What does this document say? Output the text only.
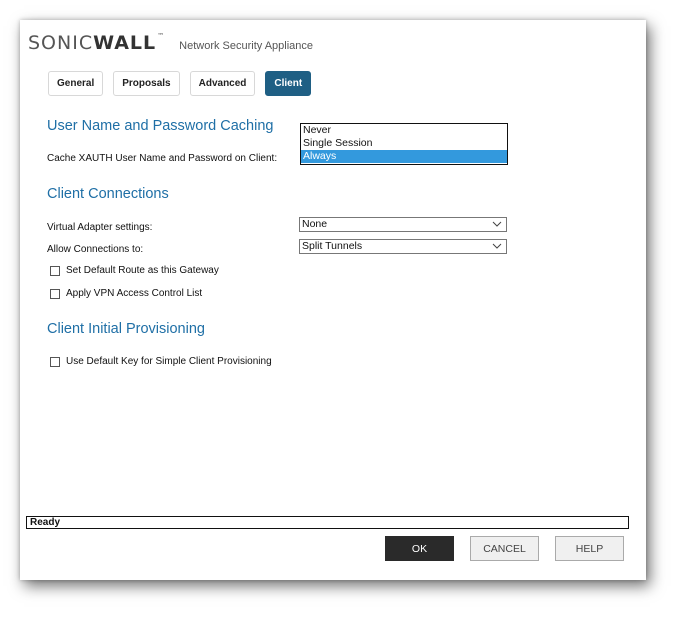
SONICWALL™
Network Security Appliance
General	Proposals	Advanced	Client
User Name and Password Caching
Cache XAUTH User Name and Password on Client:
Never
Single Session
Always
Client Connections
Virtual Adapter settings:	None
Allow Connections to:	Split Tunnels
Set Default Route as this Gateway
Apply VPN Access Control List
Client Initial Provisioning
Use Default Key for Simple Client Provisioning
Ready
OK	CANCEL	HELP
